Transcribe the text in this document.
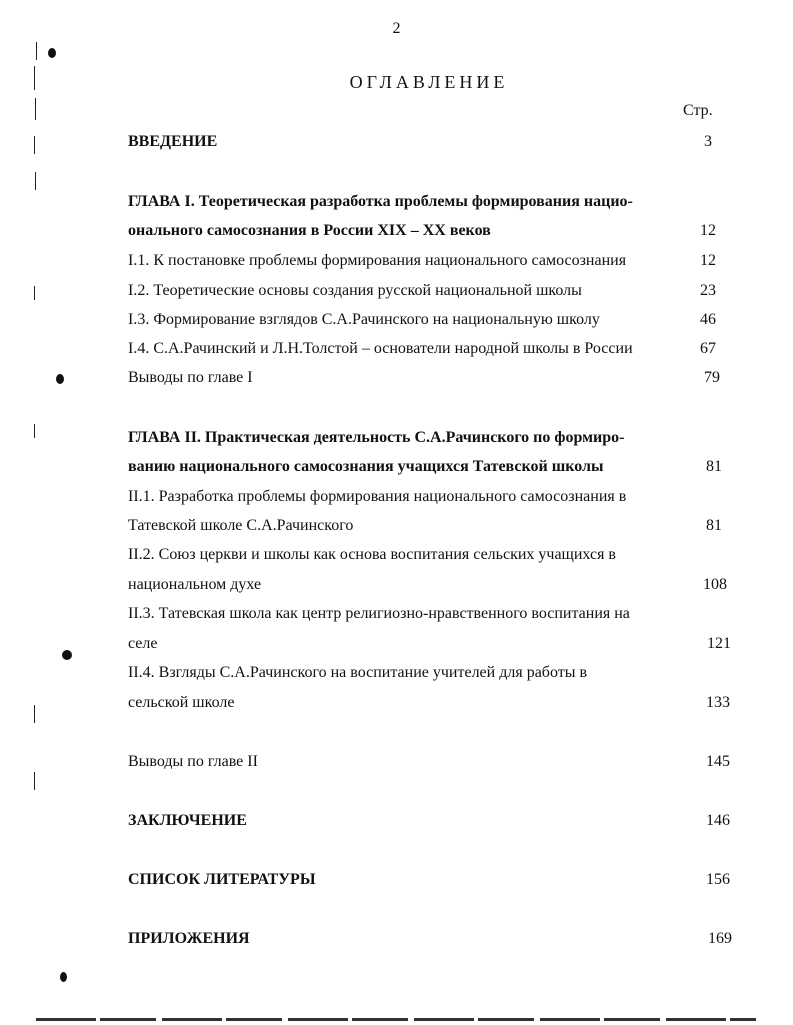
2
ОГЛАВЛЕНИЕ
Стр.
ВВЕДЕНИЕ	3
ГЛАВА I. Теоретическая разработка проблемы формирования нацио-
онального самосознания в России XIX – XX веков	12
I.1. К постановке проблемы формирования национального самосознания	12
I.2. Теоретические основы создания русской национальной школы	23
I.3. Формирование взглядов С.А.Рачинского на национальную школу	46
I.4. С.А.Рачинский и Л.Н.Толстой – основатели народной школы в России	67
Выводы по главе I	79
ГЛАВА II. Практическая деятельность С.А.Рачинского по формиро-
ванию национального самосознания учащихся Татевской школы	81
II.1. Разработка проблемы формирования национального самосознания в
Татевской школе С.А.Рачинского	81
II.2. Союз церкви и школы как основа воспитания сельских учащихся в
национальном духе	108
II.3. Татевская школа как центр религиозно-нравственного воспитания на
селе	121
II.4. Взгляды С.А.Рачинского на воспитание учителей для работы в
сельской школе	133
Выводы по главе II	145
ЗАКЛЮЧЕНИЕ	146
СПИСОК ЛИТЕРАТУРЫ	156
ПРИЛОЖЕНИЯ	169
